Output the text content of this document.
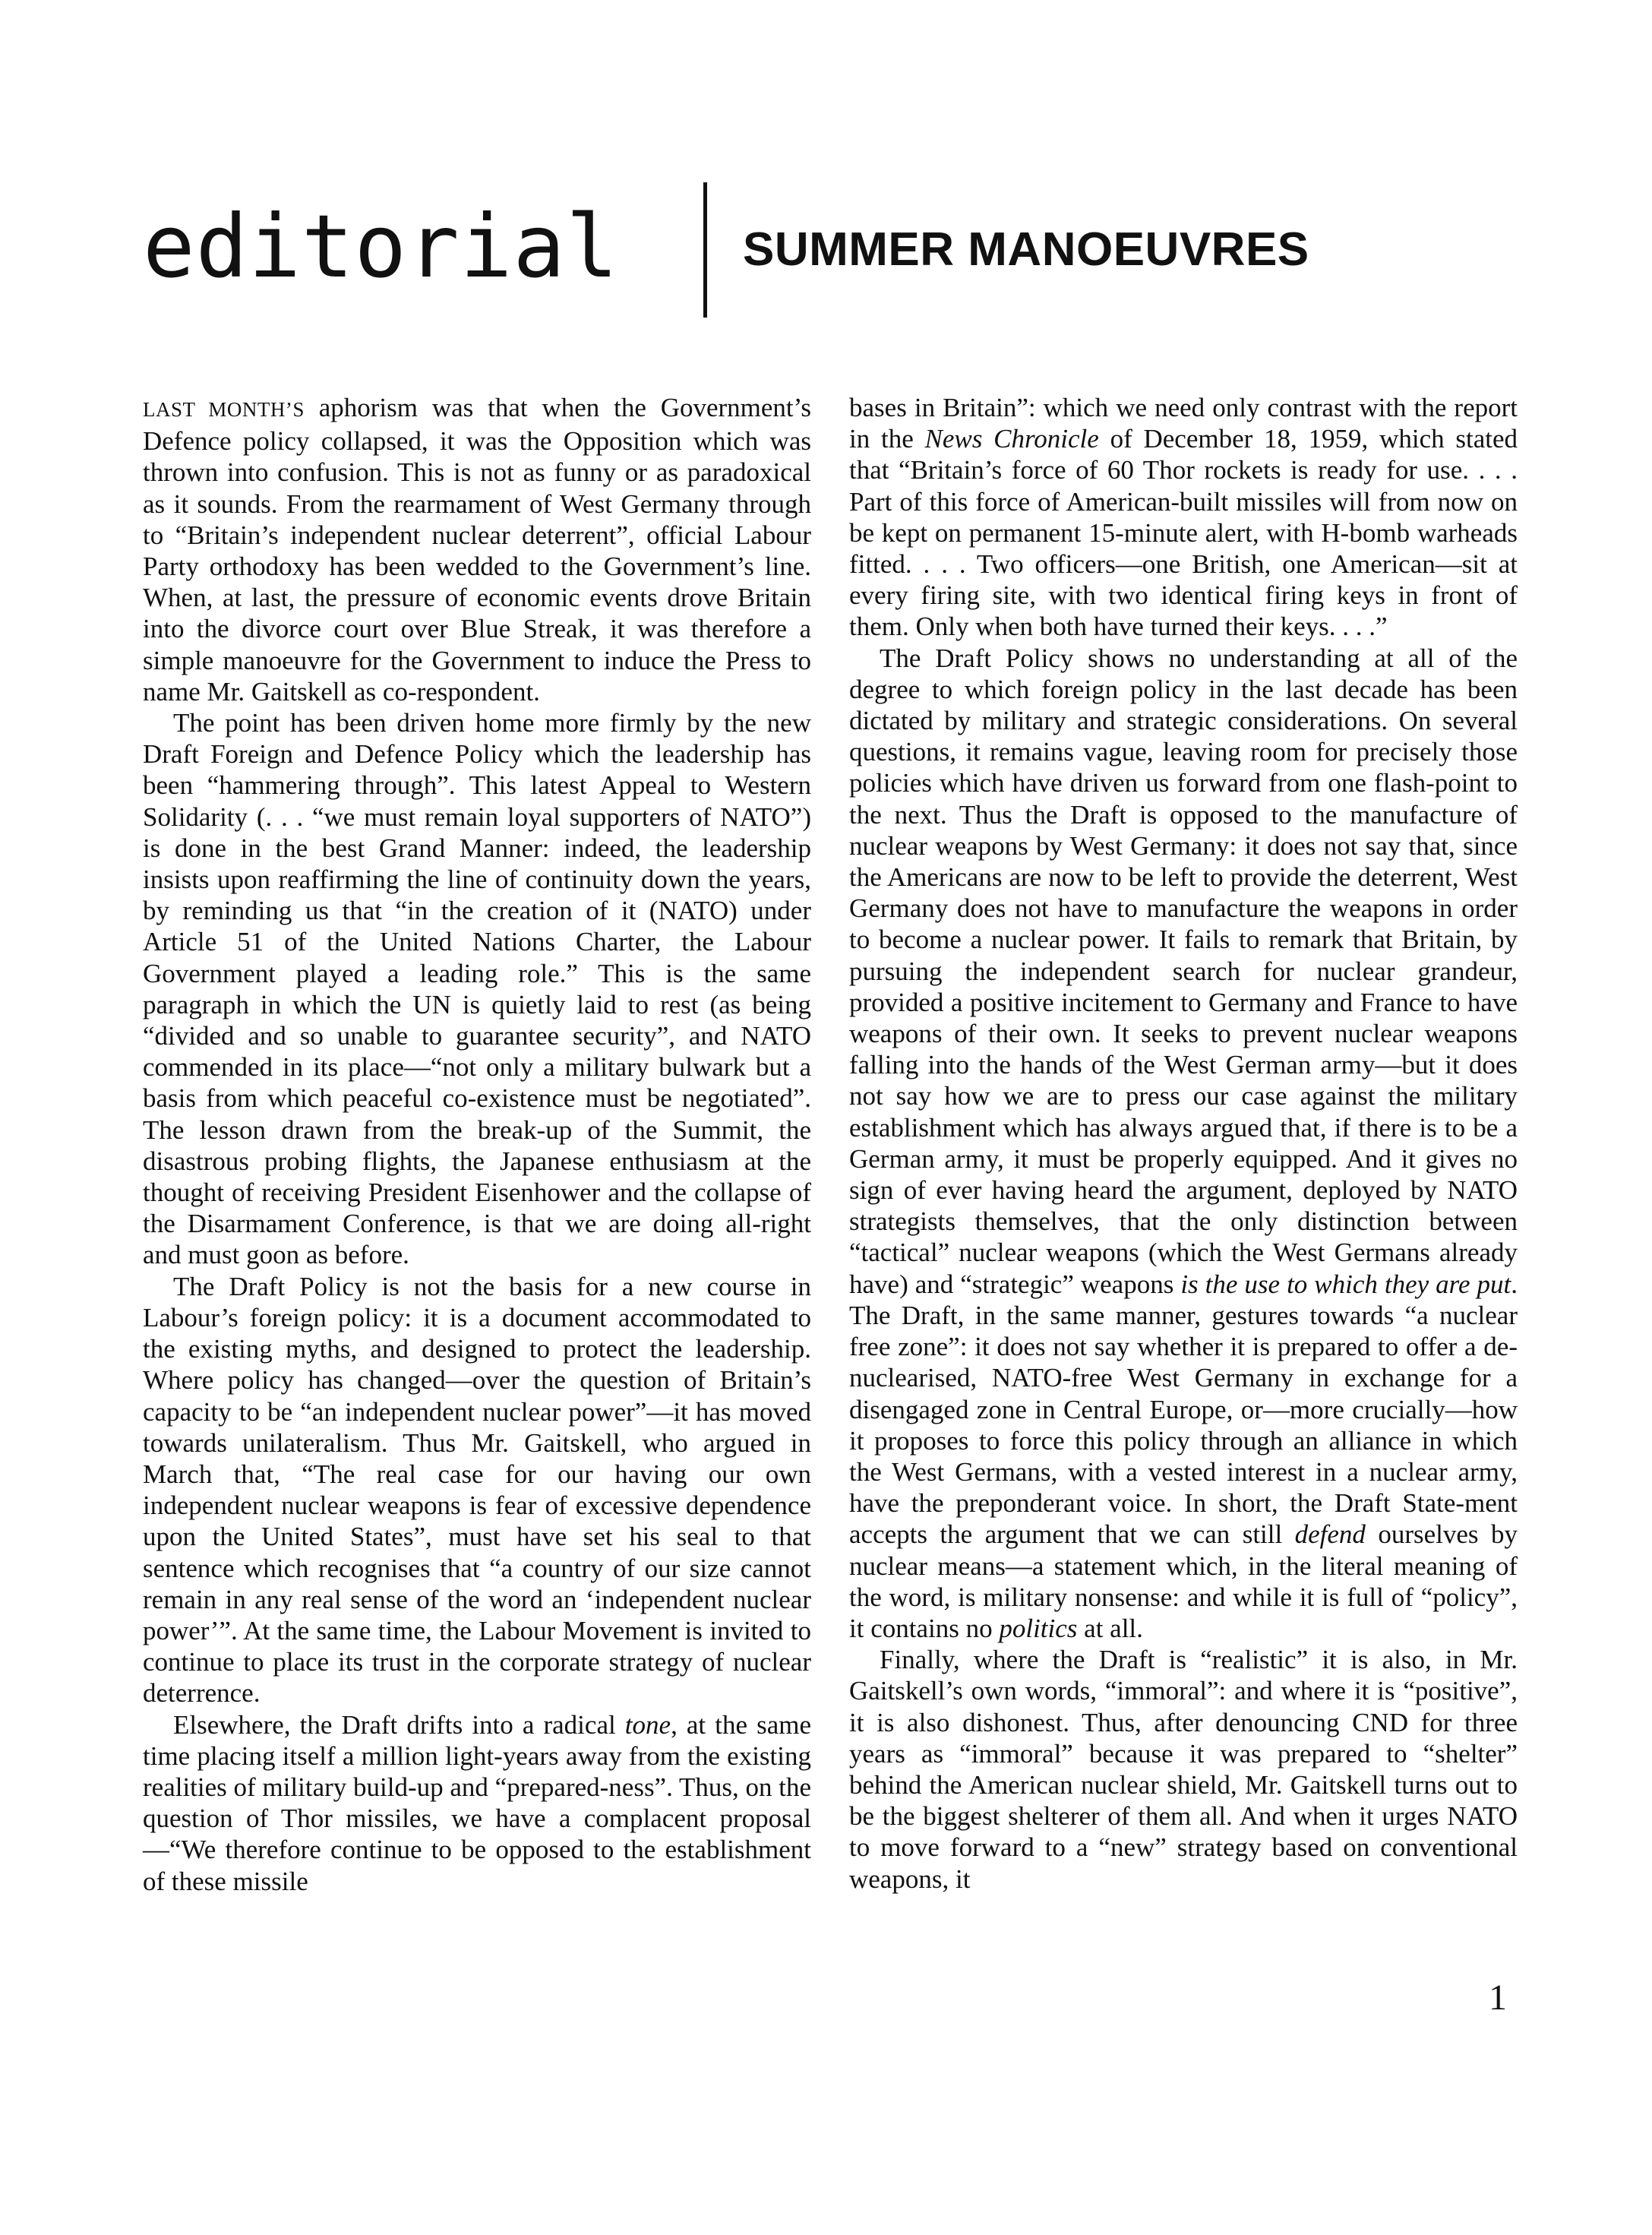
editorial	SUMMER MANOEUVRES

LAST MONTH’S aphorism was that when the Government’s Defence policy collapsed, it was the Opposition which was thrown into confusion. This is not as funny or as paradoxical as it sounds. From the rearmament of West Germany through to “Britain’s independent nuclear deterrent”, official Labour Party orthodoxy has been wedded to the Government’s line. When, at last, the pressure of economic events drove Britain into the divorce court over Blue Streak, it was therefore a simple manoeuvre for the Government to induce the Press to name Mr. Gaitskell as co-respondent.

The point has been driven home more firmly by the new Draft Foreign and Defence Policy which the leadership has been “hammering through”. This latest Appeal to Western Solidarity (. . . “we must remain loyal supporters of NATO”) is done in the best Grand Manner: indeed, the leadership insists upon reaffirming the line of continuity down the years, by reminding us that “in the creation of it (NATO) under Article 51 of the United Nations Charter, the Labour Government played a leading role.” This is the same paragraph in which the UN is quietly laid to rest (as being “divided and so unable to guarantee security”, and NATO commended in its place—“not only a military bulwark but a basis from which peaceful co-existence must be negotiated”. The lesson drawn from the break-up of the Summit, the disastrous probing flights, the Japanese enthusiasm at the thought of receiving President Eisenhower and the collapse of the Disarmament Conference, is that we are doing all-right and must goon as before.

The Draft Policy is not the basis for a new course in Labour’s foreign policy: it is a document accommodated to the existing myths, and designed to protect the leadership. Where policy has changed—over the question of Britain’s capacity to be “an independent nuclear power”—it has moved towards unilateralism. Thus Mr. Gaitskell, who argued in March that, “The real case for our having our own independent nuclear weapons is fear of excessive dependence upon the United States”, must have set his seal to that sentence which recognises that “a country of our size cannot remain in any real sense of the word an ‘independent nuclear power’”. At the same time, the Labour Movement is invited to continue to place its trust in the corporate strategy of nuclear deterrence.

Elsewhere, the Draft drifts into a radical tone, at the same time placing itself a million light-years away from the existing realities of military build-up and “prepared-ness”. Thus, on the question of Thor missiles, we have a complacent proposal—“We therefore continue to be opposed to the establishment of these missile

bases in Britain”: which we need only contrast with the report in the News Chronicle of December 18, 1959, which stated that “Britain’s force of 60 Thor rockets is ready for use. . . . Part of this force of American-built missiles will from now on be kept on permanent 15-minute alert, with H-bomb warheads fitted. . . . Two officers—one British, one American—sit at every firing site, with two identical firing keys in front of them. Only when both have turned their keys. . . .”

The Draft Policy shows no understanding at all of the degree to which foreign policy in the last decade has been dictated by military and strategic considerations. On several questions, it remains vague, leaving room for precisely those policies which have driven us forward from one flash-point to the next. Thus the Draft is opposed to the manufacture of nuclear weapons by West Germany: it does not say that, since the Americans are now to be left to provide the deterrent, West Germany does not have to manufacture the weapons in order to become a nuclear power. It fails to remark that Britain, by pursuing the independent search for nuclear grandeur, provided a positive incitement to Germany and France to have weapons of their own. It seeks to prevent nuclear weapons falling into the hands of the West German army—but it does not say how we are to press our case against the military establishment which has always argued that, if there is to be a German army, it must be properly equipped. And it gives no sign of ever having heard the argument, deployed by NATO strategists themselves, that the only distinction between “tactical” nuclear weapons (which the West Germans already have) and “strategic” weapons is the use to which they are put. The Draft, in the same manner, gestures towards “a nuclear free zone”: it does not say whether it is prepared to offer a de-nuclearised, NATO-free West Germany in exchange for a disengaged zone in Central Europe, or—more crucially—how it proposes to force this policy through an alliance in which the West Germans, with a vested interest in a nuclear army, have the preponderant voice. In short, the Draft State-ment accepts the argument that we can still defend ourselves by nuclear means—a statement which, in the literal meaning of the word, is military nonsense: and while it is full of “policy”, it contains no politics at all.

Finally, where the Draft is “realistic” it is also, in Mr. Gaitskell’s own words, “immoral”: and where it is “positive”, it is also dishonest. Thus, after denouncing CND for three years as “immoral” because it was prepared to “shelter” behind the American nuclear shield, Mr. Gaitskell turns out to be the biggest shelterer of them all. And when it urges NATO to move forward to a “new” strategy based on conventional weapons, it

1
